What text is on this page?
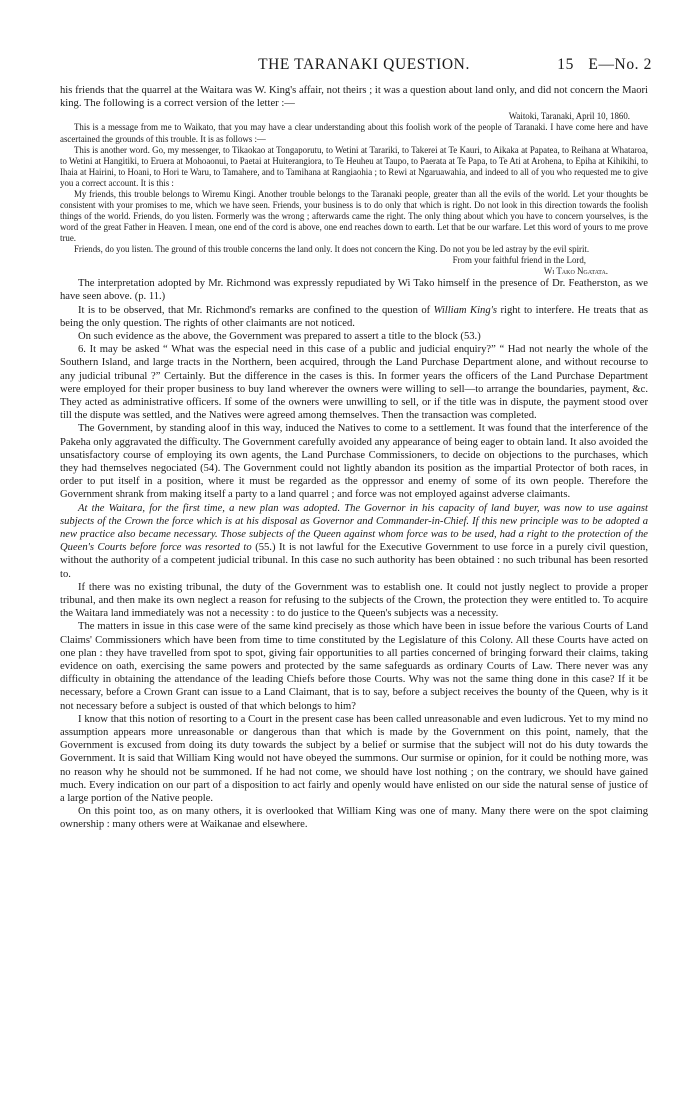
THE TARANAKI QUESTION.	15 E—No. 2

his friends that the quarrel at the Waitara was W. King's affair, not theirs ; it was a question about land only, and did not concern the Maori king. The following is a correct version of the letter :—

Waitoki, Taranaki, April 10, 1860.

This is a message from me to Waikato, that you may have a clear understanding about this foolish work of the people of Taranaki. I have come here and have ascertained the grounds of this trouble. It is as follows :—

This is another word. Go, my messenger, to Tikaokao at Tongaporutu, to Wetini at Tarariki, to Takerei at Te Kauri, to Aikaka at Papatea, to Reihana at Whataroa, to Wetini at Hangitiki, to Eruera at Mohoaonui, to Paetai at Huiterangiora, to Te Heuheu at Taupo, to Paerata at Te Papa, to Te Ati at Arohena, to Epiha at Kihikihi, to Ihaia at Hairini, to Hoani, to Hori te Waru, to Tamahere, and to Tamihana at Rangiaohia ; to Rewi at Ngaruawahia, and indeed to all of you who requested me to give you a correct account. It is this :

My friends, this trouble belongs to Wiremu Kingi. Another trouble belongs to the Taranaki people, greater than all the evils of the world. Let your thoughts be consistent with your promises to me, which we have seen. Friends, your business is to do only that which is right. Do not look in this direction towards the foolish things of the world. Friends, do you listen. Formerly was the wrong ; afterwards came the right. The only thing about which you have to concern yourselves, is the word of the great Father in Heaven. I mean, one end of the cord is above, one end reaches down to earth. Let that be our warfare. Let this word of yours to me prove true.

Friends, do you listen. The ground of this trouble concerns the land only. It does not concern the King. Do not you be led astray by the evil spirit.

From your faithful friend in the Lord,

Wi Tako Ngatata.

The interpretation adopted by Mr. Richmond was expressly repudiated by Wi Tako himself in the presence of Dr. Featherston, as we have seen above. (p. 11.)

It is to be observed, that Mr. Richmond's remarks are confined to the question of William King's right to interfere. He treats that as being the only question. The rights of other claimants are not noticed.

On such evidence as the above, the Government was prepared to assert a title to the block (53.)

6. It may be asked “ What was the especial need in this case of a public and judicial enquiry?” “ Had not nearly the whole of the Southern Island, and large tracts in the Northern, been acquired, through the Land Purchase Department alone, and without recourse to any judicial tribunal ?” Certainly. But the difference in the cases is this. In former years the officers of the Land Purchase Department were employed for their proper business to buy land wherever the owners were willing to sell—to arrange the boundaries, payment, &c. They acted as administrative officers. If some of the owners were unwilling to sell, or if the title was in dispute, the payment stood over till the dispute was settled, and the Natives were agreed among themselves. Then the transaction was completed.

The Government, by standing aloof in this way, induced the Natives to come to a settlement. It was found that the interference of the Pakeha only aggravated the difficulty. The Government carefully avoided any appearance of being eager to obtain land. It also avoided the unsatisfactory course of employing its own agents, the Land Purchase Commissioners, to decide on objections to the purchases, which they had themselves negociated (54). The Government could not lightly abandon its position as the impartial Protector of both races, in order to put itself in a position, where it must be regarded as the oppressor and enemy of some of its own people. Therefore the Government shrank from making itself a party to a land quarrel ; and force was not employed against adverse claimants.

At the Waitara, for the first time, a new plan was adopted. The Governor in his capacity of land buyer, was now to use against subjects of the Crown the force which is at his disposal as Governor and Commander-in-Chief. If this new principle was to be adopted a new practice also became necessary. Those subjects of the Queen against whom force was to be used, had a right to the protection of the Queen's Courts before force was resorted to (55.) It is not lawful for the Executive Government to use force in a purely civil question, without the authority of a competent judicial tribunal. In this case no such authority has been obtained : no such tribunal has been resorted to.

If there was no existing tribunal, the duty of the Government was to establish one. It could not justly neglect to provide a proper tribunal, and then make its own neglect a reason for refusing to the subjects of the Crown, the protection they were entitled to. To acquire the Waitara land immediately was not a necessity : to do justice to the Queen's subjects was a necessity.

The matters in issue in this case were of the same kind precisely as those which have been in issue before the various Courts of Land Claims' Commissioners which have been from time to time constituted by the Legislature of this Colony. All these Courts have acted on one plan : they have travelled from spot to spot, giving fair opportunities to all parties concerned of bringing forward their claims, taking evidence on oath, exercising the same powers and protected by the same safeguards as ordinary Courts of Law. There never was any difficulty in obtaining the attendance of the leading Chiefs before those Courts. Why was not the same thing done in this case? If it be necessary, before a Crown Grant can issue to a Land Claimant, that is to say, before a subject receives the bounty of the Queen, why is it not necessary before a subject is ousted of that which belongs to him?

I know that this notion of resorting to a Court in the present case has been called unreasonable and even ludicrous. Yet to my mind no assumption appears more unreasonable or dangerous than that which is made by the Government on this point, namely, that the Government is excused from doing its duty towards the subject by a belief or surmise that the subject will not do his duty towards the Government. It is said that William King would not have obeyed the summons. Our surmise or opinion, for it could be nothing more, was no reason why he should not be summoned. If he had not come, we should have lost nothing ; on the contrary, we should have gained much. Every indication on our part of a disposition to act fairly and openly would have enlisted on our side the natural sense of justice of a large portion of the Native people.

On this point too, as on many others, it is overlooked that William King was one of many. Many there were on the spot claiming ownership : many others were at Waikanae and elsewhere.
